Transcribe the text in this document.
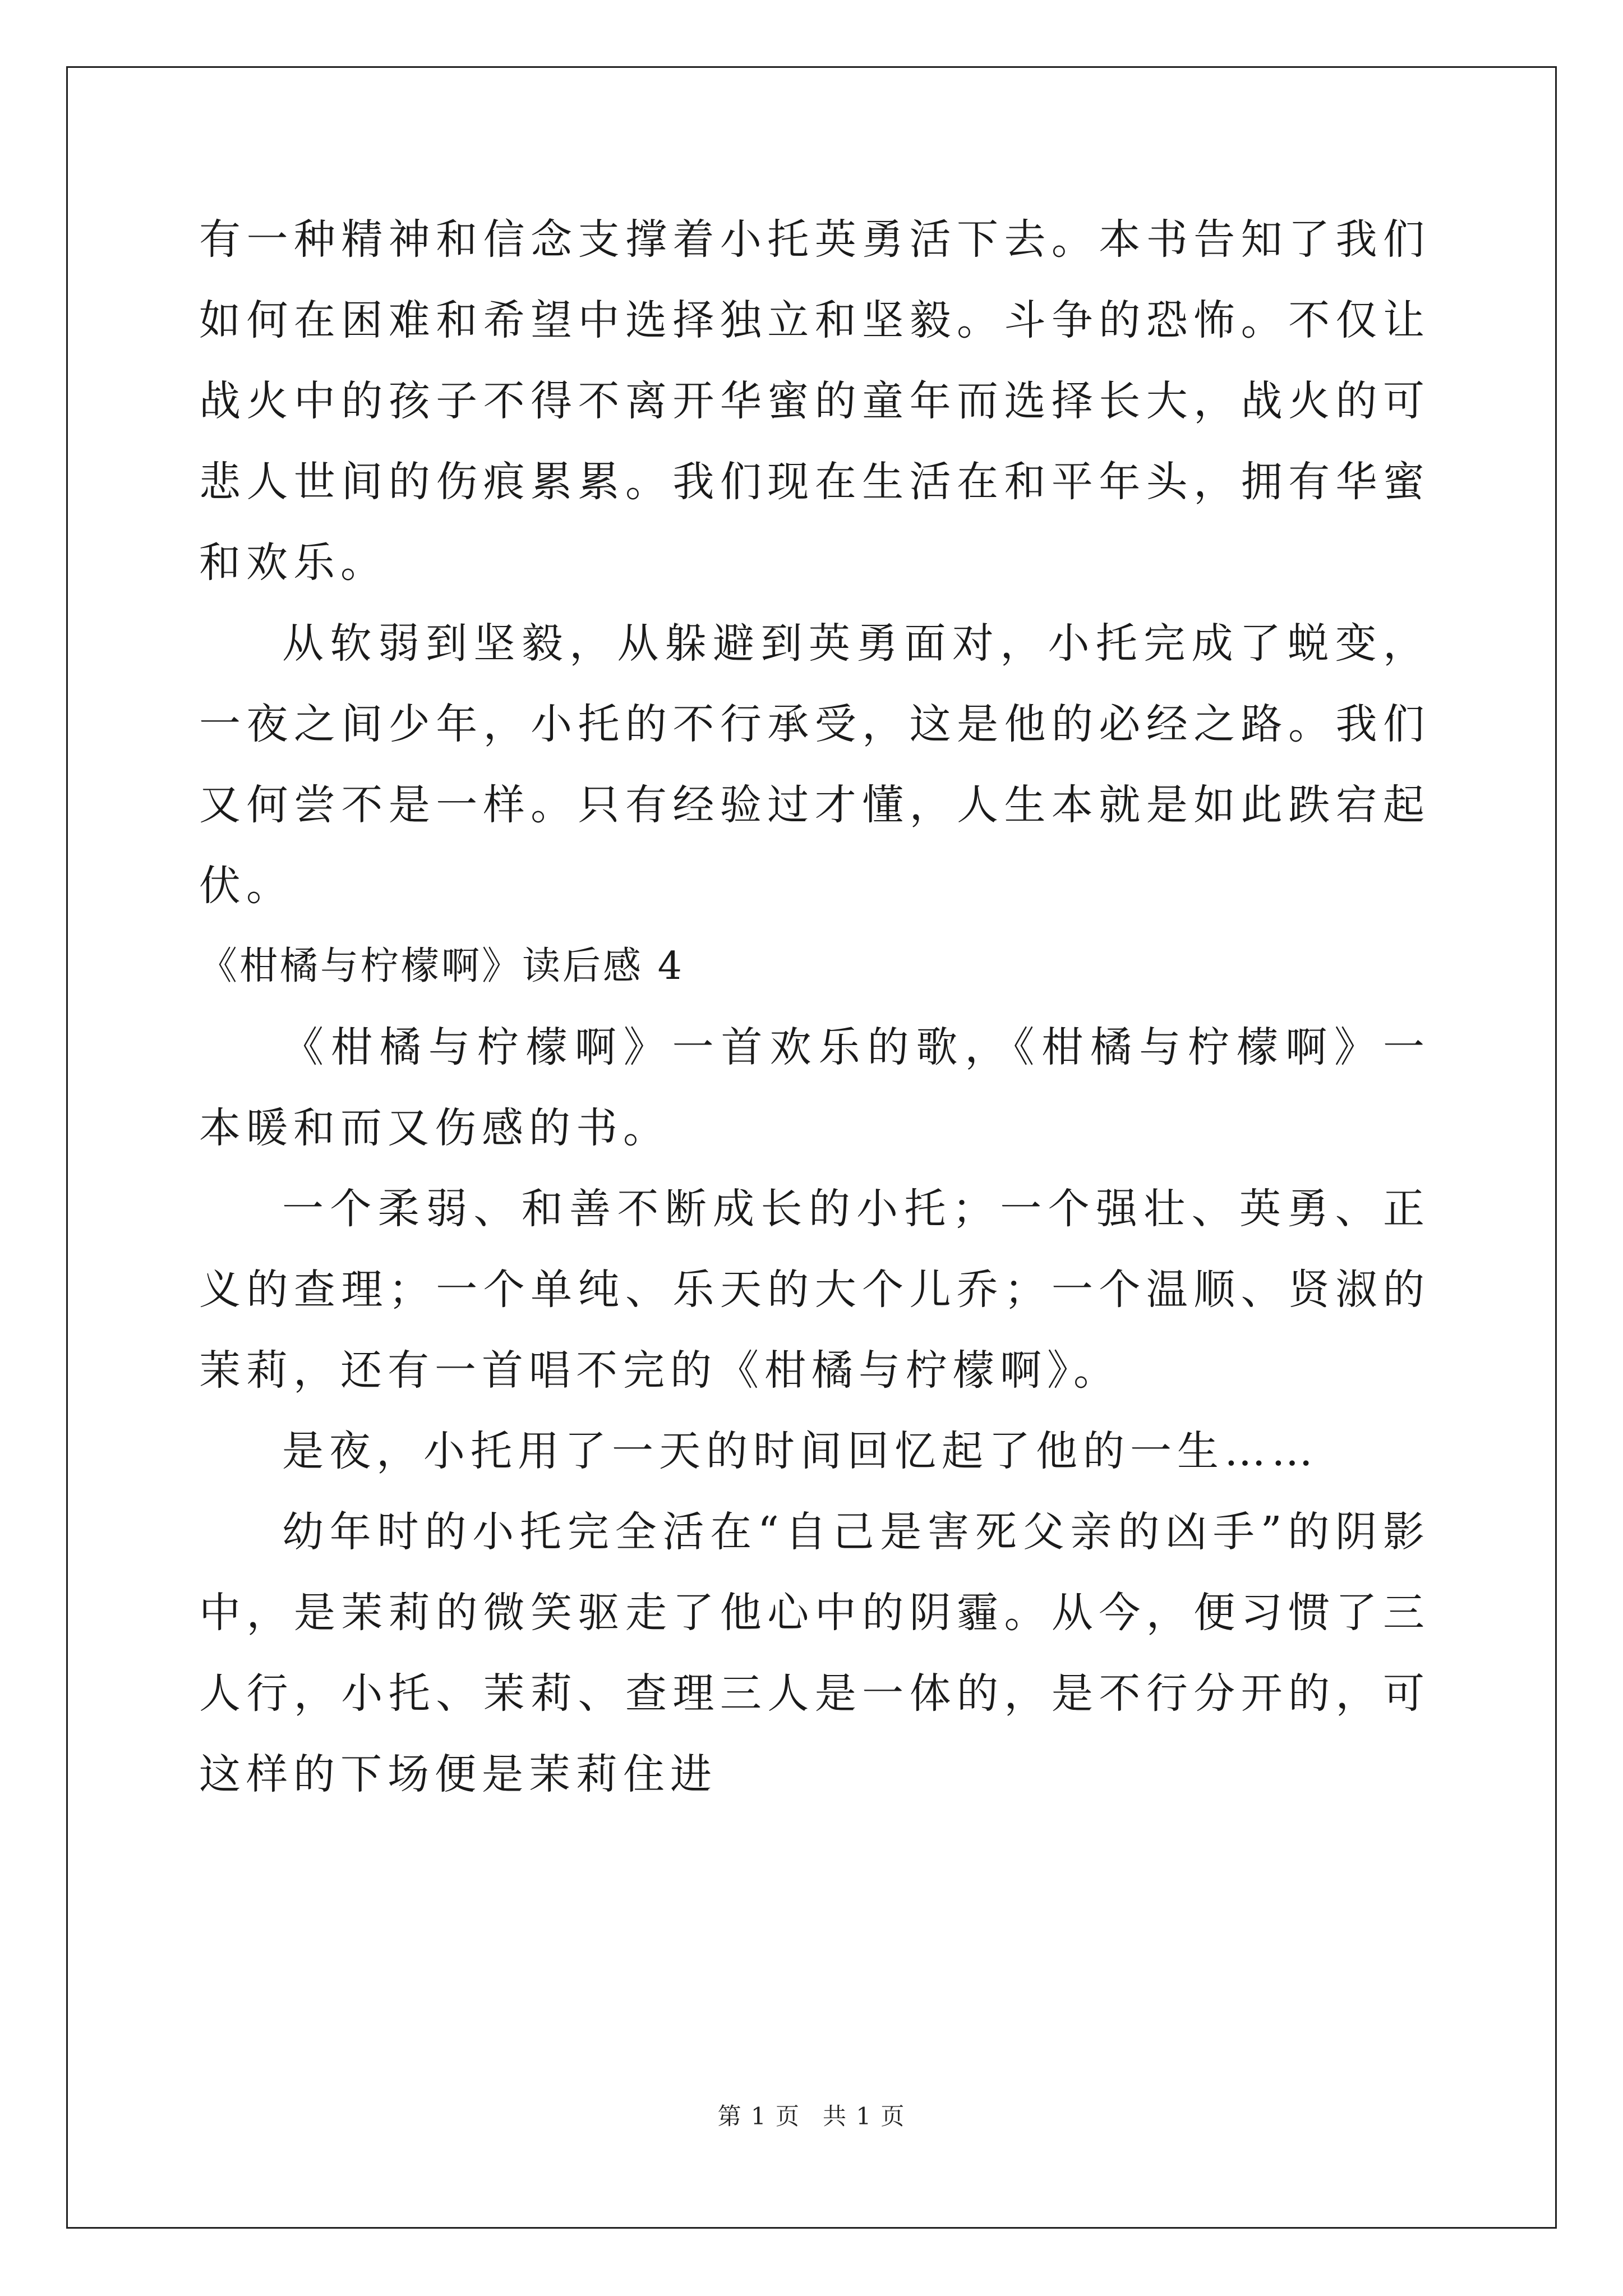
有一种精神和信念支撑着小托英勇活下去。本书告知了我们如何在困难和希望中选择独立和坚毅。斗争的恐怖。不仅让战火中的孩子不得不离开华蜜的童年而选择长大，战火的可悲人世间的伤痕累累。我们现在生活在和平年头，拥有华蜜和欢乐。

从软弱到坚毅，从躲避到英勇面对，小托完成了蜕变，一夜之间少年，小托的不行承受，这是他的必经之路。我们又何尝不是一样。只有经验过才懂，人生本就是如此跌宕起伏。

《柑橘与柠檬啊》读后感 4

《柑橘与柠檬啊》一首欢乐的歌，《柑橘与柠檬啊》一本暖和而又伤感的书。

一个柔弱、和善不断成长的小托；一个强壮、英勇、正义的查理；一个单纯、乐天的大个儿乔；一个温顺、贤淑的茉莉，还有一首唱不完的《柑橘与柠檬啊》。

是夜，小托用了一天的时间回忆起了他的一生……

幼年时的小托完全活在“自己是害死父亲的凶手”的阴影中，是茉莉的微笑驱走了他心中的阴霾。从今，便习惯了三人行，小托、茉莉、查理三人是一体的，是不行分开的，可这样的下场便是茉莉住进

第 1 页 共 1 页
